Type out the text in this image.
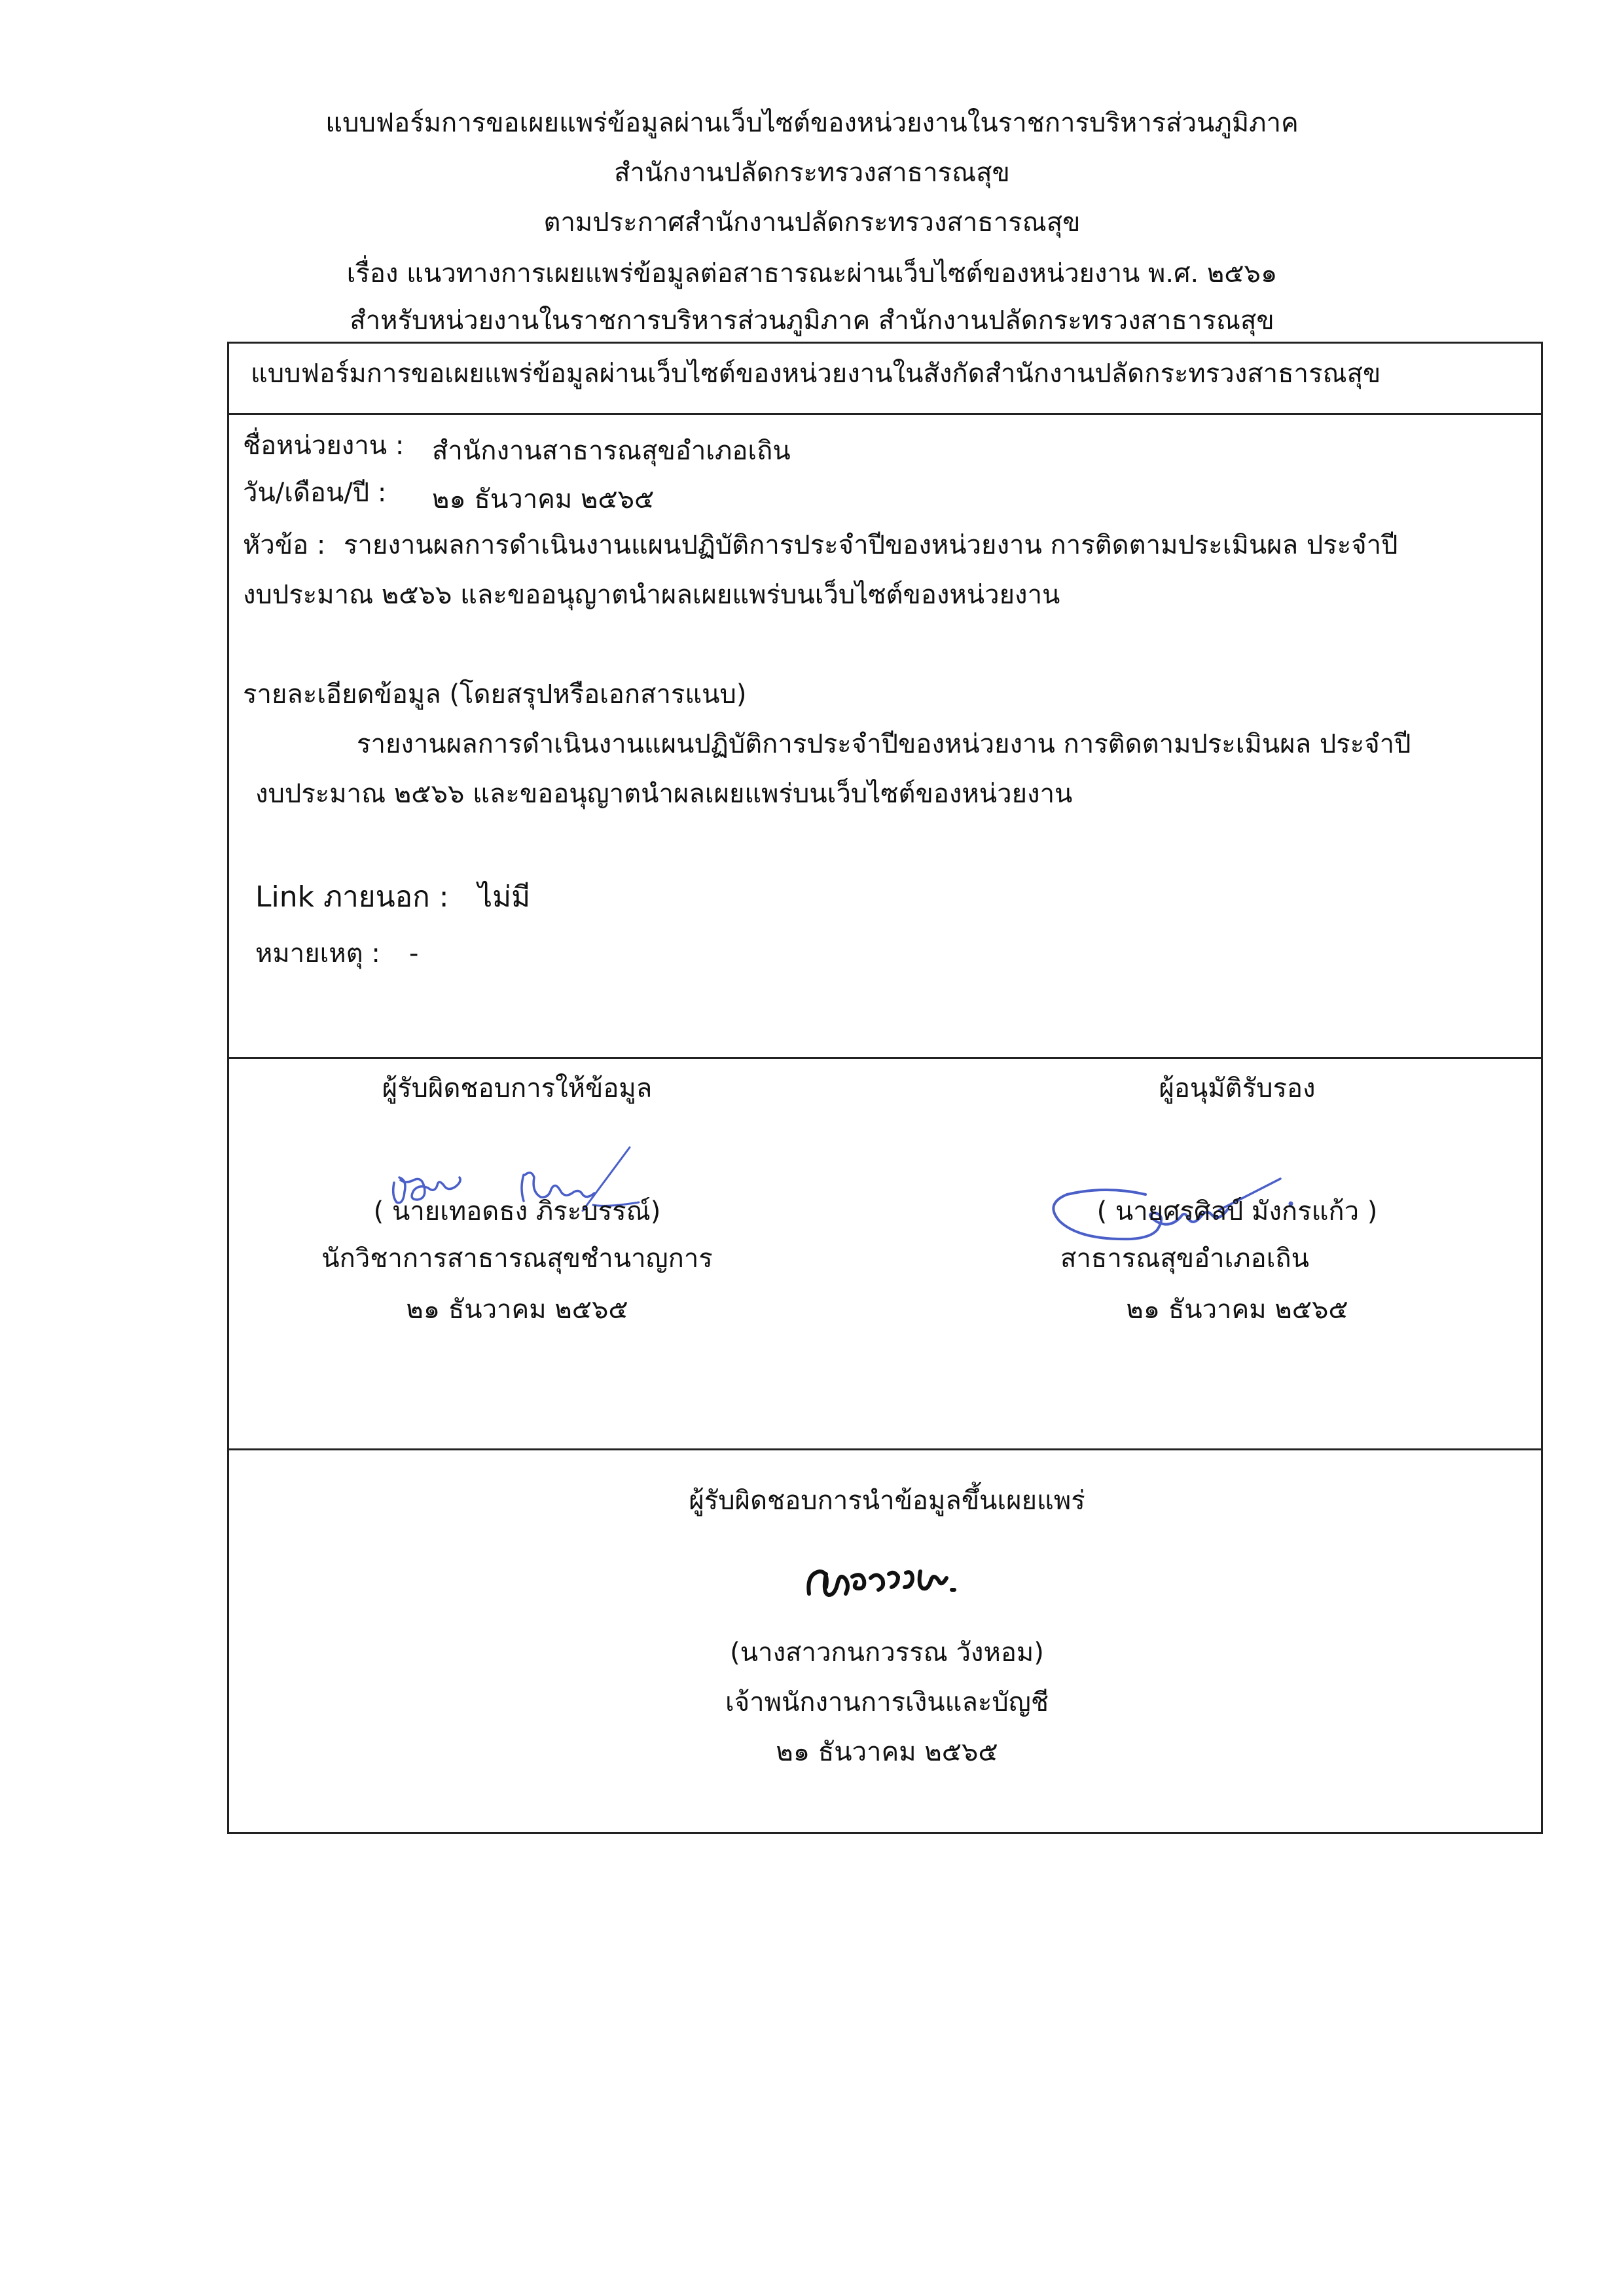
แบบฟอร์มการขอเผยแพร่ข้อมูลผ่านเว็บไซต์ของหน่วยงานในราชการบริหารส่วนภูมิภาค
สำนักงานปลัดกระทรวงสาธารณสุข
ตามประกาศสำนักงานปลัดกระทรวงสาธารณสุข
เรื่อง แนวทางการเผยแพร่ข้อมูลต่อสาธารณะผ่านเว็บไซต์ของหน่วยงาน พ.ศ. ๒๕๖๑
สำหรับหน่วยงานในราชการบริหารส่วนภูมิภาค สำนักงานปลัดกระทรวงสาธารณสุข
แบบฟอร์มการขอเผยแพร่ข้อมูลผ่านเว็บไซต์ของหน่วยงานในสังกัดสำนักงานปลัดกระทรวงสาธารณสุข
ชื่อหน่วยงาน : สำนักงานสาธารณสุขอำเภอเถิน
วัน/เดือน/ปี : ๒๑ ธันวาคม ๒๕๖๕
หัวข้อ : รายงานผลการดำเนินงานแผนปฏิบัติการประจำปีของหน่วยงาน การติดตามประเมินผล ประจำปี
งบประมาณ ๒๕๖๖ และขออนุญาตนำผลเผยแพร่บนเว็บไซต์ของหน่วยงาน
รายละเอียดข้อมูล (โดยสรุปหรือเอกสารแนบ)
รายงานผลการดำเนินงานแผนปฏิบัติการประจำปีของหน่วยงาน การติดตามประเมินผล ประจำปี
งบประมาณ ๒๕๖๖ และขออนุญาตนำผลเผยแพร่บนเว็บไซต์ของหน่วยงาน
Link ภายนอก : ไม่มี
หมายเหตุ : -
ผู้รับผิดชอบการให้ข้อมูล
( นายเทอดธง ภิระบรรณ์)
นักวิชาการสาธารณสุขชำนาญการ
๒๑ ธันวาคม ๒๕๖๕
ผู้อนุมัติรับรอง
( นายศรศิลป์ มังกรแก้ว )
สาธารณสุขอำเภอเถิน
๒๑ ธันวาคม ๒๕๖๕
ผู้รับผิดชอบการนำข้อมูลขึ้นเผยแพร่
(นางสาวกนกวรรณ วังหอม)
เจ้าพนักงานการเงินและบัญชี
๒๑ ธันวาคม ๒๕๖๕
